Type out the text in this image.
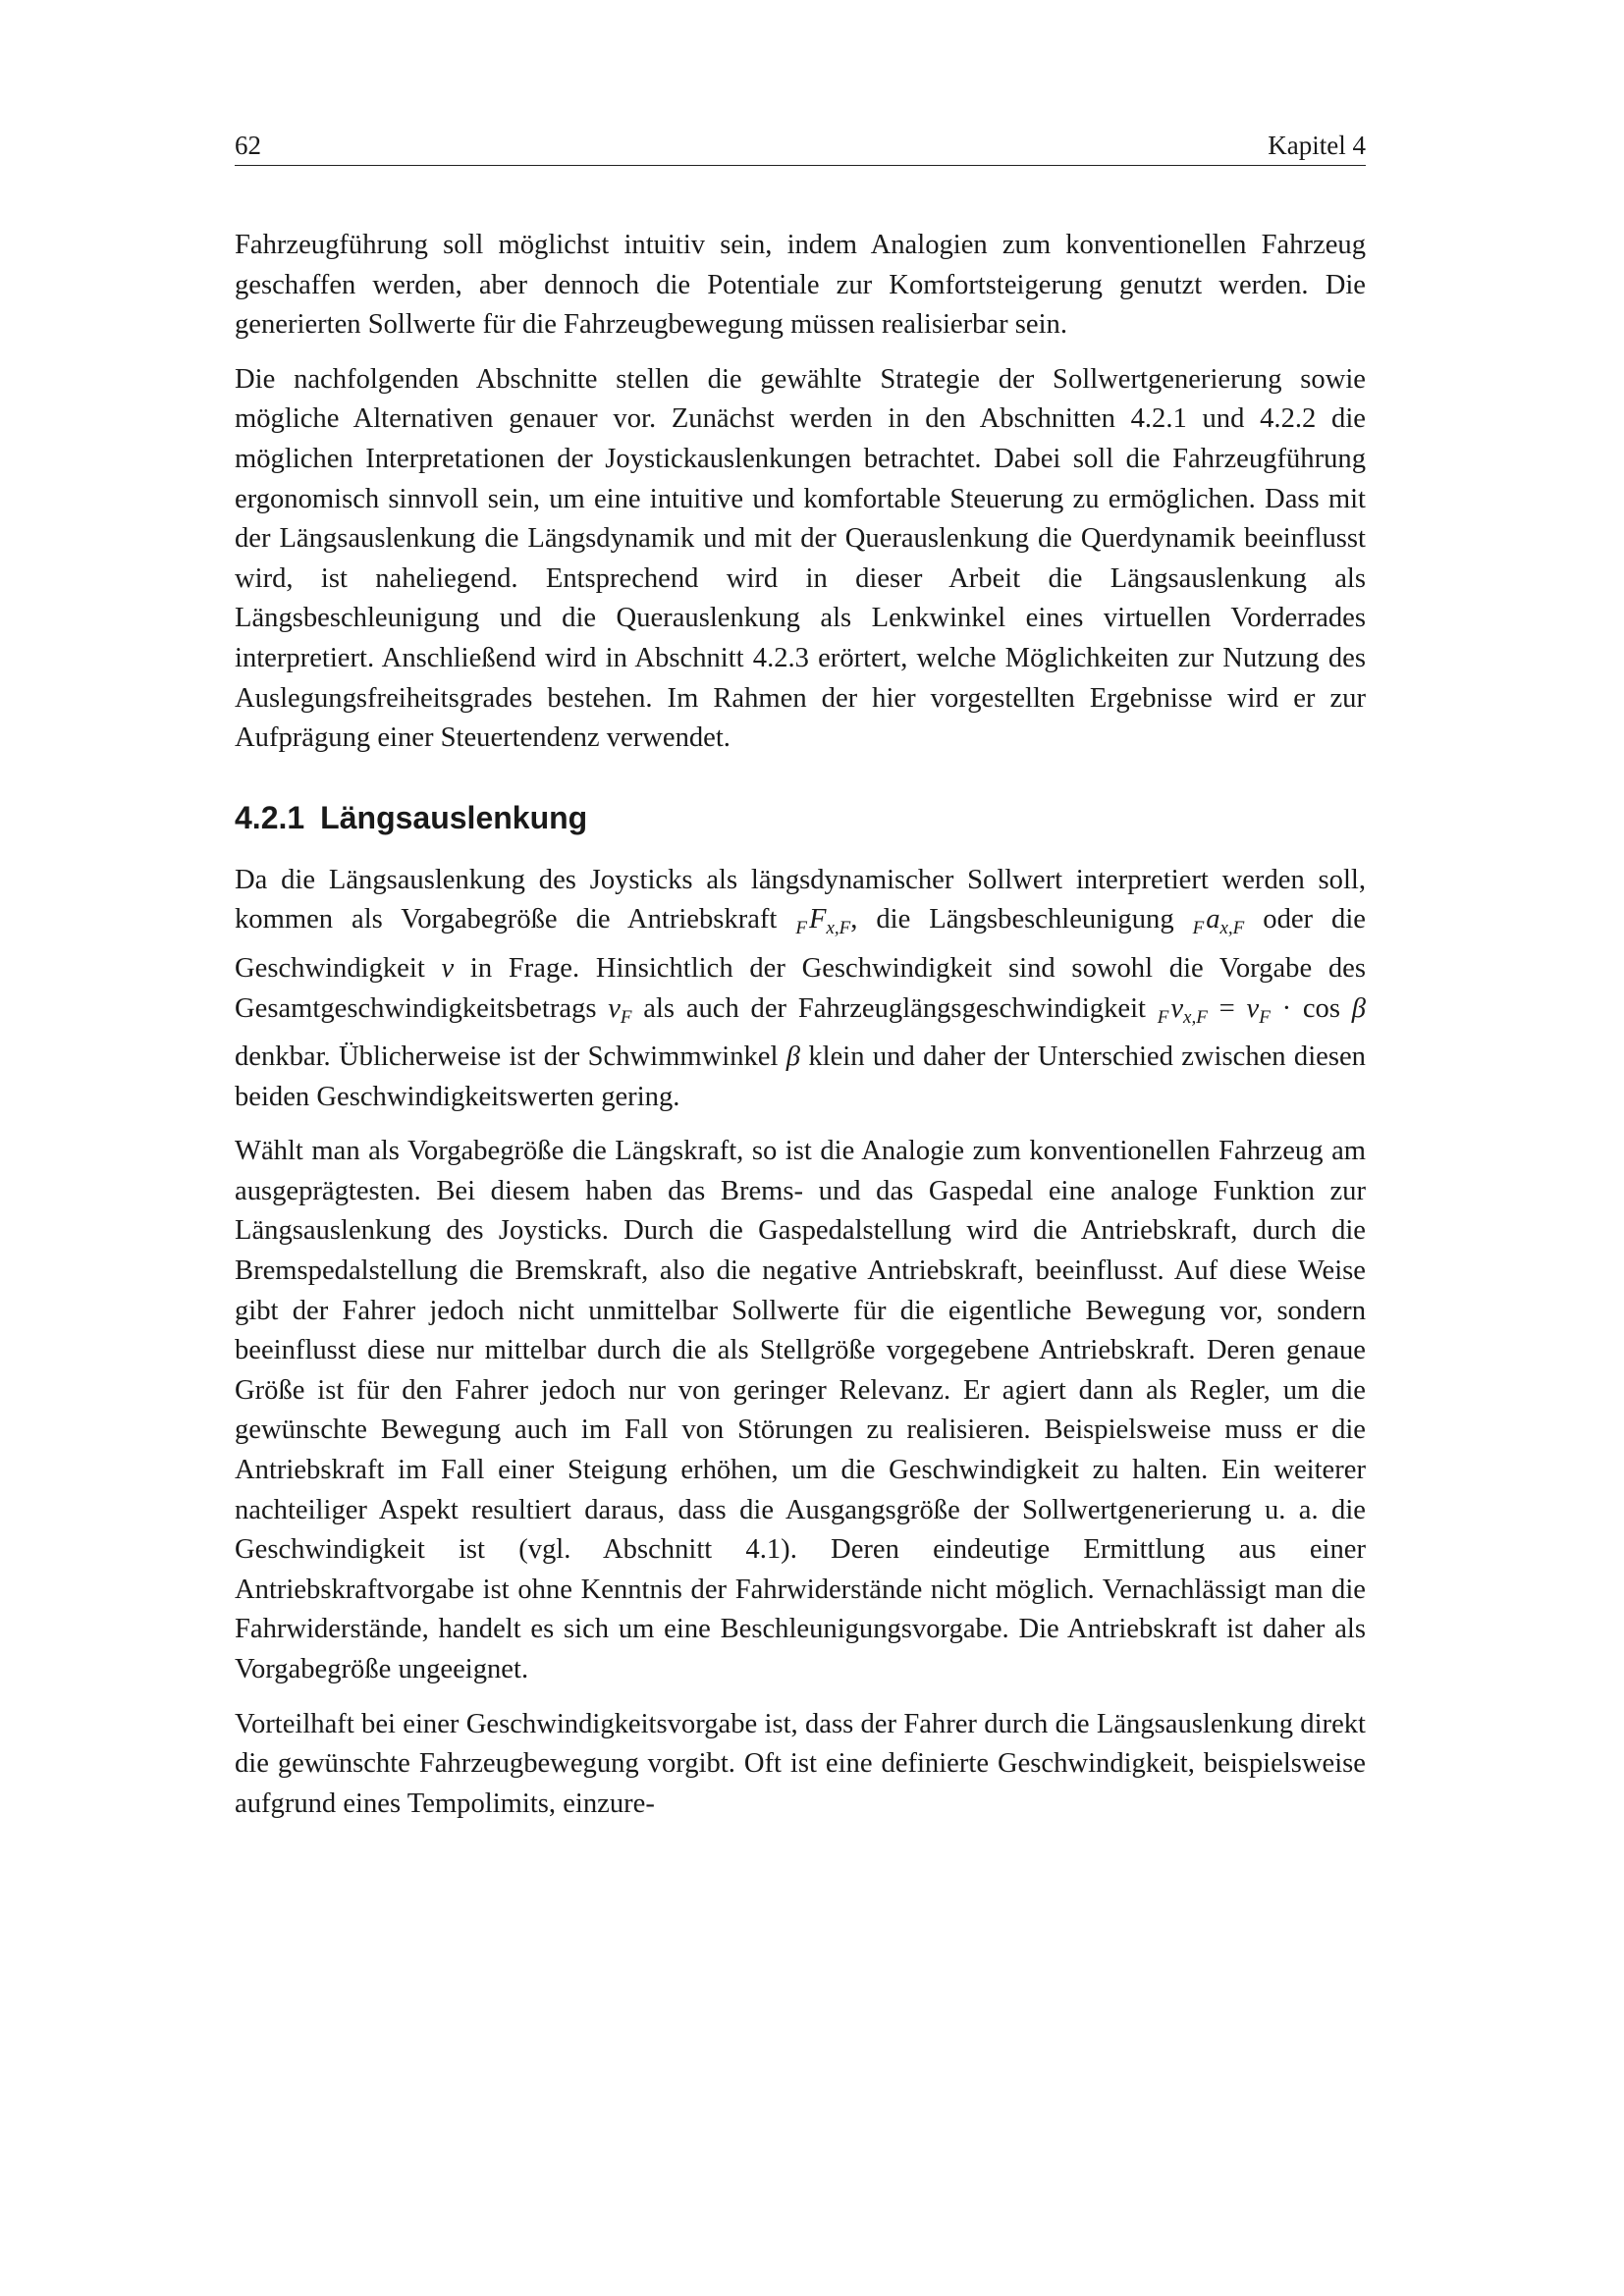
62	Kapitel 4

Fahrzeugführung soll möglichst intuitiv sein, indem Analogien zum konventionellen Fahrzeug geschaffen werden, aber dennoch die Potentiale zur Komfortsteigerung genutzt werden. Die generierten Sollwerte für die Fahrzeugbewegung müssen realisierbar sein.

Die nachfolgenden Abschnitte stellen die gewählte Strategie der Sollwertgenerierung sowie mögliche Alternativen genauer vor. Zunächst werden in den Abschnitten 4.2.1 und 4.2.2 die möglichen Interpretationen der Joystickauslenkungen betrachtet. Dabei soll die Fahrzeugführung ergonomisch sinnvoll sein, um eine intuitive und komfortable Steuerung zu ermöglichen. Dass mit der Längsauslenkung die Längsdynamik und mit der Querauslenkung die Querdynamik beeinflusst wird, ist naheliegend. Entsprechend wird in dieser Arbeit die Längsauslenkung als Längsbeschleunigung und die Querauslenkung als Lenkwinkel eines virtuellen Vorderrades interpretiert. Anschließend wird in Abschnitt 4.2.3 erörtert, welche Möglichkeiten zur Nutzung des Auslegungsfreiheitsgrades bestehen. Im Rahmen der hier vorgestellten Ergebnisse wird er zur Aufprägung einer Steuertendenz verwendet.

4.2.1 Längsauslenkung

Da die Längsauslenkung des Joysticks als längsdynamischer Sollwert interpretiert werden soll, kommen als Vorgabegröße die Antriebskraft $_FF_{x,F}$, die Längsbeschleunigung $_Fa_{x,F}$ oder die Geschwindigkeit v in Frage. Hinsichtlich der Geschwindigkeit sind sowohl die Vorgabe des Gesamtgeschwindigkeitsbetrags $v_F$ als auch der Fahrzeuglängsgeschwindigkeit $_Fv_{x,F} = v_F \cdot \cos \beta$ denkbar. Üblicherweise ist der Schwimmwinkel β klein und daher der Unterschied zwischen diesen beiden Geschwindigkeitswerten gering.

Wählt man als Vorgabegröße die Längskraft, so ist die Analogie zum konventionellen Fahrzeug am ausgeprägtesten. Bei diesem haben das Brems- und das Gaspedal eine analoge Funktion zur Längsauslenkung des Joysticks. Durch die Gaspedalstellung wird die Antriebskraft, durch die Bremspedalstellung die Bremskraft, also die negative Antriebskraft, beeinflusst. Auf diese Weise gibt der Fahrer jedoch nicht unmittelbar Sollwerte für die eigentliche Bewegung vor, sondern beeinflusst diese nur mittelbar durch die als Stellgröße vorgegebene Antriebskraft. Deren genaue Größe ist für den Fahrer jedoch nur von geringer Relevanz. Er agiert dann als Regler, um die gewünschte Bewegung auch im Fall von Störungen zu realisieren. Beispielsweise muss er die Antriebskraft im Fall einer Steigung erhöhen, um die Geschwindigkeit zu halten. Ein weiterer nachteiliger Aspekt resultiert daraus, dass die Ausgangsgröße der Sollwertgenerierung u. a. die Geschwindigkeit ist (vgl. Abschnitt 4.1). Deren eindeutige Ermittlung aus einer Antriebskraftvorgabe ist ohne Kenntnis der Fahrwiderstände nicht möglich. Vernachlässigt man die Fahrwiderstände, handelt es sich um eine Beschleunigungsvorgabe. Die Antriebskraft ist daher als Vorgabegröße ungeeignet.

Vorteilhaft bei einer Geschwindigkeitsvorgabe ist, dass der Fahrer durch die Längsauslenkung direkt die gewünschte Fahrzeugbewegung vorgibt. Oft ist eine definierte Geschwindigkeit, beispielsweise aufgrund eines Tempolimits, einzure-
